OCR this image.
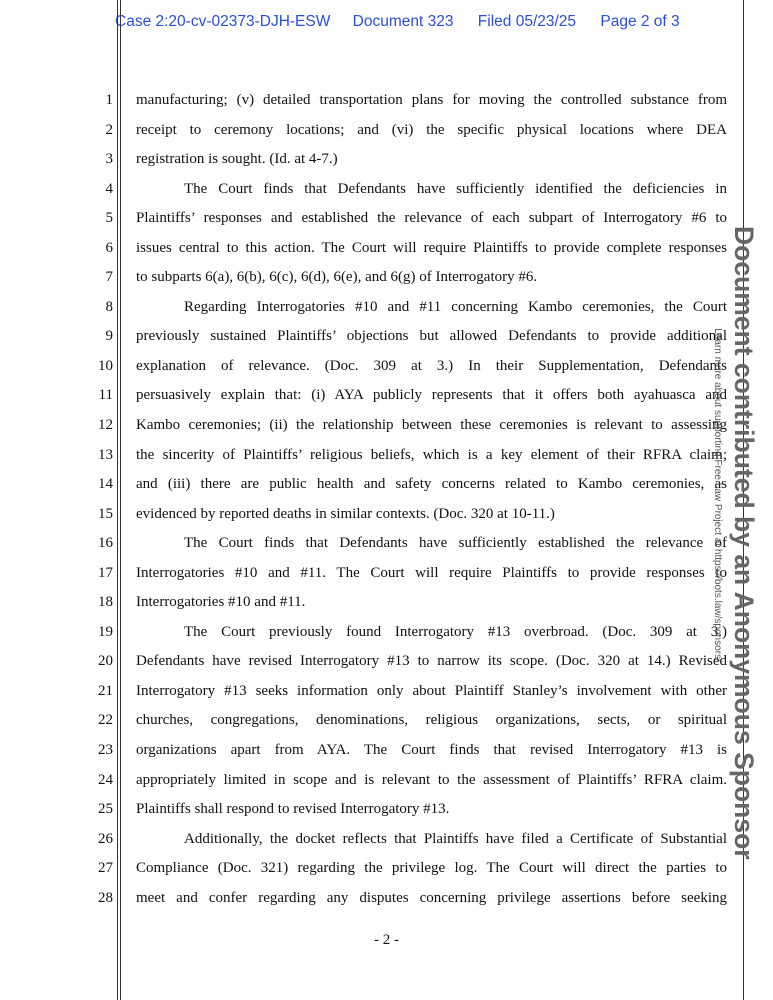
Case 2:20-cv-02373-DJH-ESW Document 323 Filed 05/23/25 Page 2 of 3
1
2
3
4
5
6
7
8
9
10
11
12
13
14
15
16
17
18
19
20
21
22
23
24
25
26
27
28
manufacturing; (v) detailed transportation plans for moving the controlled substance from
receipt to ceremony locations; and (vi) the specific physical locations where DEA
registration is sought. (Id. at 4-7.)
The Court finds that Defendants have sufficiently identified the deficiencies in
Plaintiffs’ responses and established the relevance of each subpart of Interrogatory #6 to
issues central to this action. The Court will require Plaintiffs to provide complete responses
to subparts 6(a), 6(b), 6(c), 6(d), 6(e), and 6(g) of Interrogatory #6.
Regarding Interrogatories #10 and #11 concerning Kambo ceremonies, the Court
previously sustained Plaintiffs’ objections but allowed Defendants to provide additional
explanation of relevance. (Doc. 309 at 3.) In their Supplementation, Defendants
persuasively explain that: (i) AYA publicly represents that it offers both ayahuasca and
Kambo ceremonies; (ii) the relationship between these ceremonies is relevant to assessing
the sincerity of Plaintiffs’ religious beliefs, which is a key element of their RFRA claim;
and (iii) there are public health and safety concerns related to Kambo ceremonies, as
evidenced by reported deaths in similar contexts. (Doc. 320 at 10-11.)
The Court finds that Defendants have sufficiently established the relevance of
Interrogatories #10 and #11. The Court will require Plaintiffs to provide responses to
Interrogatories #10 and #11.
The Court previously found Interrogatory #13 overbroad. (Doc. 309 at 3.)
Defendants have revised Interrogatory #13 to narrow its scope. (Doc. 320 at 14.) Revised
Interrogatory #13 seeks information only about Plaintiff Stanley’s involvement with other
churches, congregations, denominations, religious organizations, sects, or spiritual
organizations apart from AYA. The Court finds that revised Interrogatory #13 is
appropriately limited in scope and is relevant to the assessment of Plaintiffs’ RFRA claim.
Plaintiffs shall respond to revised Interrogatory #13.
Additionally, the docket reflects that Plaintiffs have filed a Certificate of Substantial
Compliance (Doc. 321) regarding the privilege log. The Court will direct the parties to
meet and confer regarding any disputes concerning privilege assertions before seeking
Document contributed by an Anonymous Sponsor
Learn more about supporting Free Law Project at https://bots.law/sponsors/
- 2 -
